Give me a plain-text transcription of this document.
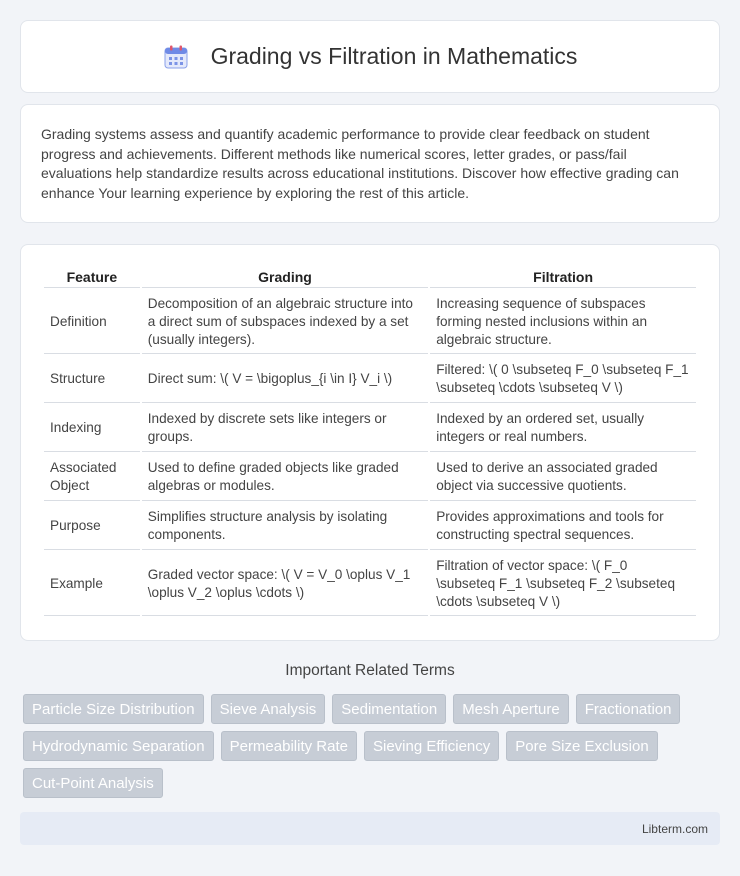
Grading vs Filtration in Mathematics

Grading systems assess and quantify academic performance to provide clear feedback on student progress and achievements. Different methods like numerical scores, letter grades, or pass/fail evaluations help standardize results across educational institutions. Discover how effective grading can enhance Your learning experience by exploring the rest of this article.

Feature	Grading	Filtration
Definition	Decomposition of an algebraic structure into a direct sum of subspaces indexed by a set (usually integers).	Increasing sequence of subspaces forming nested inclusions within an algebraic structure.
Structure	Direct sum: \( V = \bigoplus_{i \in I} V_i \)	Filtered: \( 0 \subseteq F_0 \subseteq F_1 \subseteq \cdots \subseteq V \)
Indexing	Indexed by discrete sets like integers or groups.	Indexed by an ordered set, usually integers or real numbers.
Associated Object	Used to define graded objects like graded algebras or modules.	Used to derive an associated graded object via successive quotients.
Purpose	Simplifies structure analysis by isolating components.	Provides approximations and tools for constructing spectral sequences.
Example	Graded vector space: \( V = V_0 \oplus V_1 \oplus V_2 \oplus \cdots \)	Filtration of vector space: \( F_0 \subseteq F_1 \subseteq F_2 \subseteq \cdots \subseteq V \)
Important Related Terms
Particle Size Distribution	Sieve Analysis	Sedimentation	Mesh Aperture	Fractionation
Hydrodynamic Separation	Permeability Rate	Sieving Efficiency	Pore Size Exclusion
Cut-Point Analysis
Libterm.com
